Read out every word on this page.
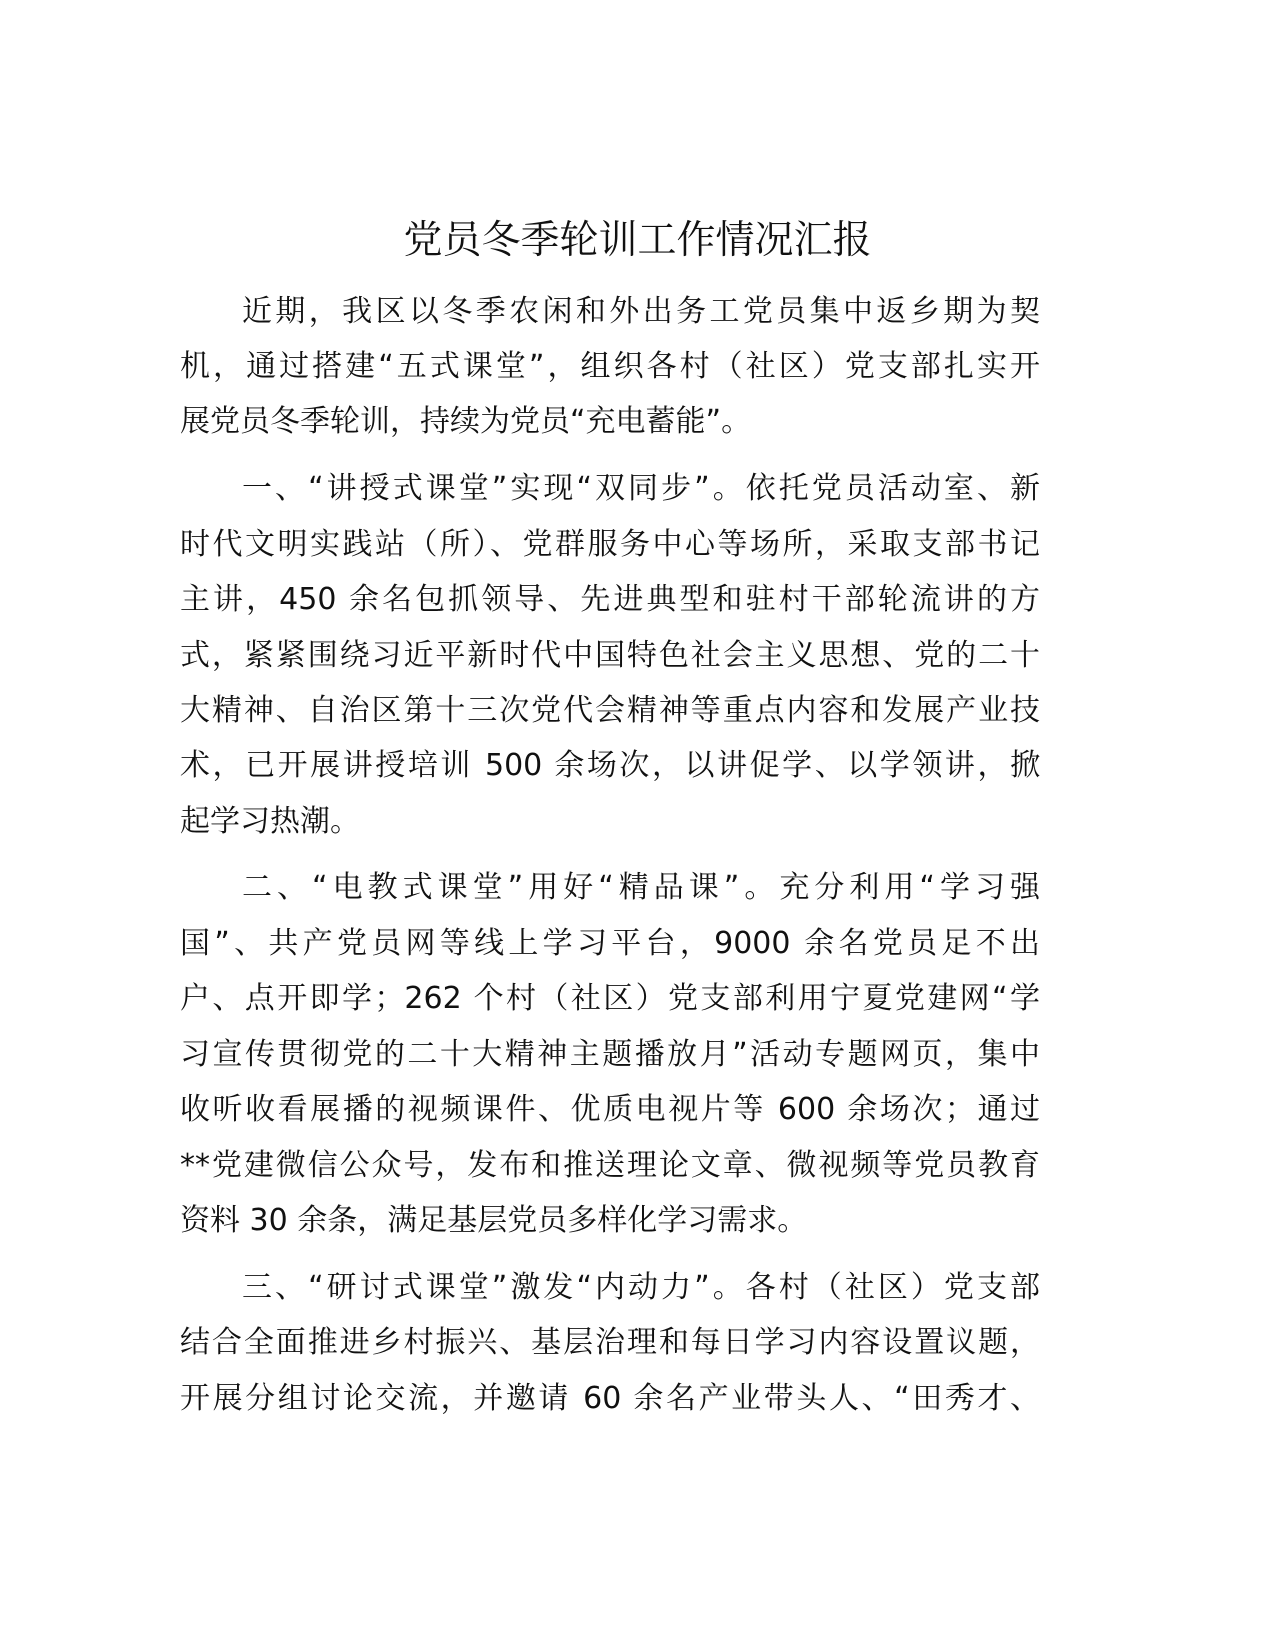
党员冬季轮训工作情况汇报
近期，我区以冬季农闲和外出务工党员集中返乡期为契
机，通过搭建“五式课堂”，组织各村（社区）党支部扎实开
展党员冬季轮训，持续为党员“充电蓄能”。
一、“讲授式课堂”实现“双同步”。依托党员活动室、新
时代文明实践站（所）、党群服务中心等场所，采取支部书记
主讲，450 余名包抓领导、先进典型和驻村干部轮流讲的方
式，紧紧围绕习近平新时代中国特色社会主义思想、党的二十
大精神、自治区第十三次党代会精神等重点内容和发展产业技
术，已开展讲授培训 500 余场次，以讲促学、以学领讲，掀
起学习热潮。
二、“电教式课堂”用好“精品课”。充分利用“学习强
国”、共产党员网等线上学习平台，9000 余名党员足不出
户、点开即学；262 个村（社区）党支部利用宁夏党建网“学
习宣传贯彻党的二十大精神主题播放月”活动专题网页，集中
收听收看展播的视频课件、优质电视片等 600 余场次；通过
**党建微信公众号，发布和推送理论文章、微视频等党员教育
资料 30 余条，满足基层党员多样化学习需求。
三、“研讨式课堂”激发“内动力”。各村（社区）党支部
结合全面推进乡村振兴、基层治理和每日学习内容设置议题，
开展分组讨论交流，并邀请 60 余名产业带头人、“田秀才、
